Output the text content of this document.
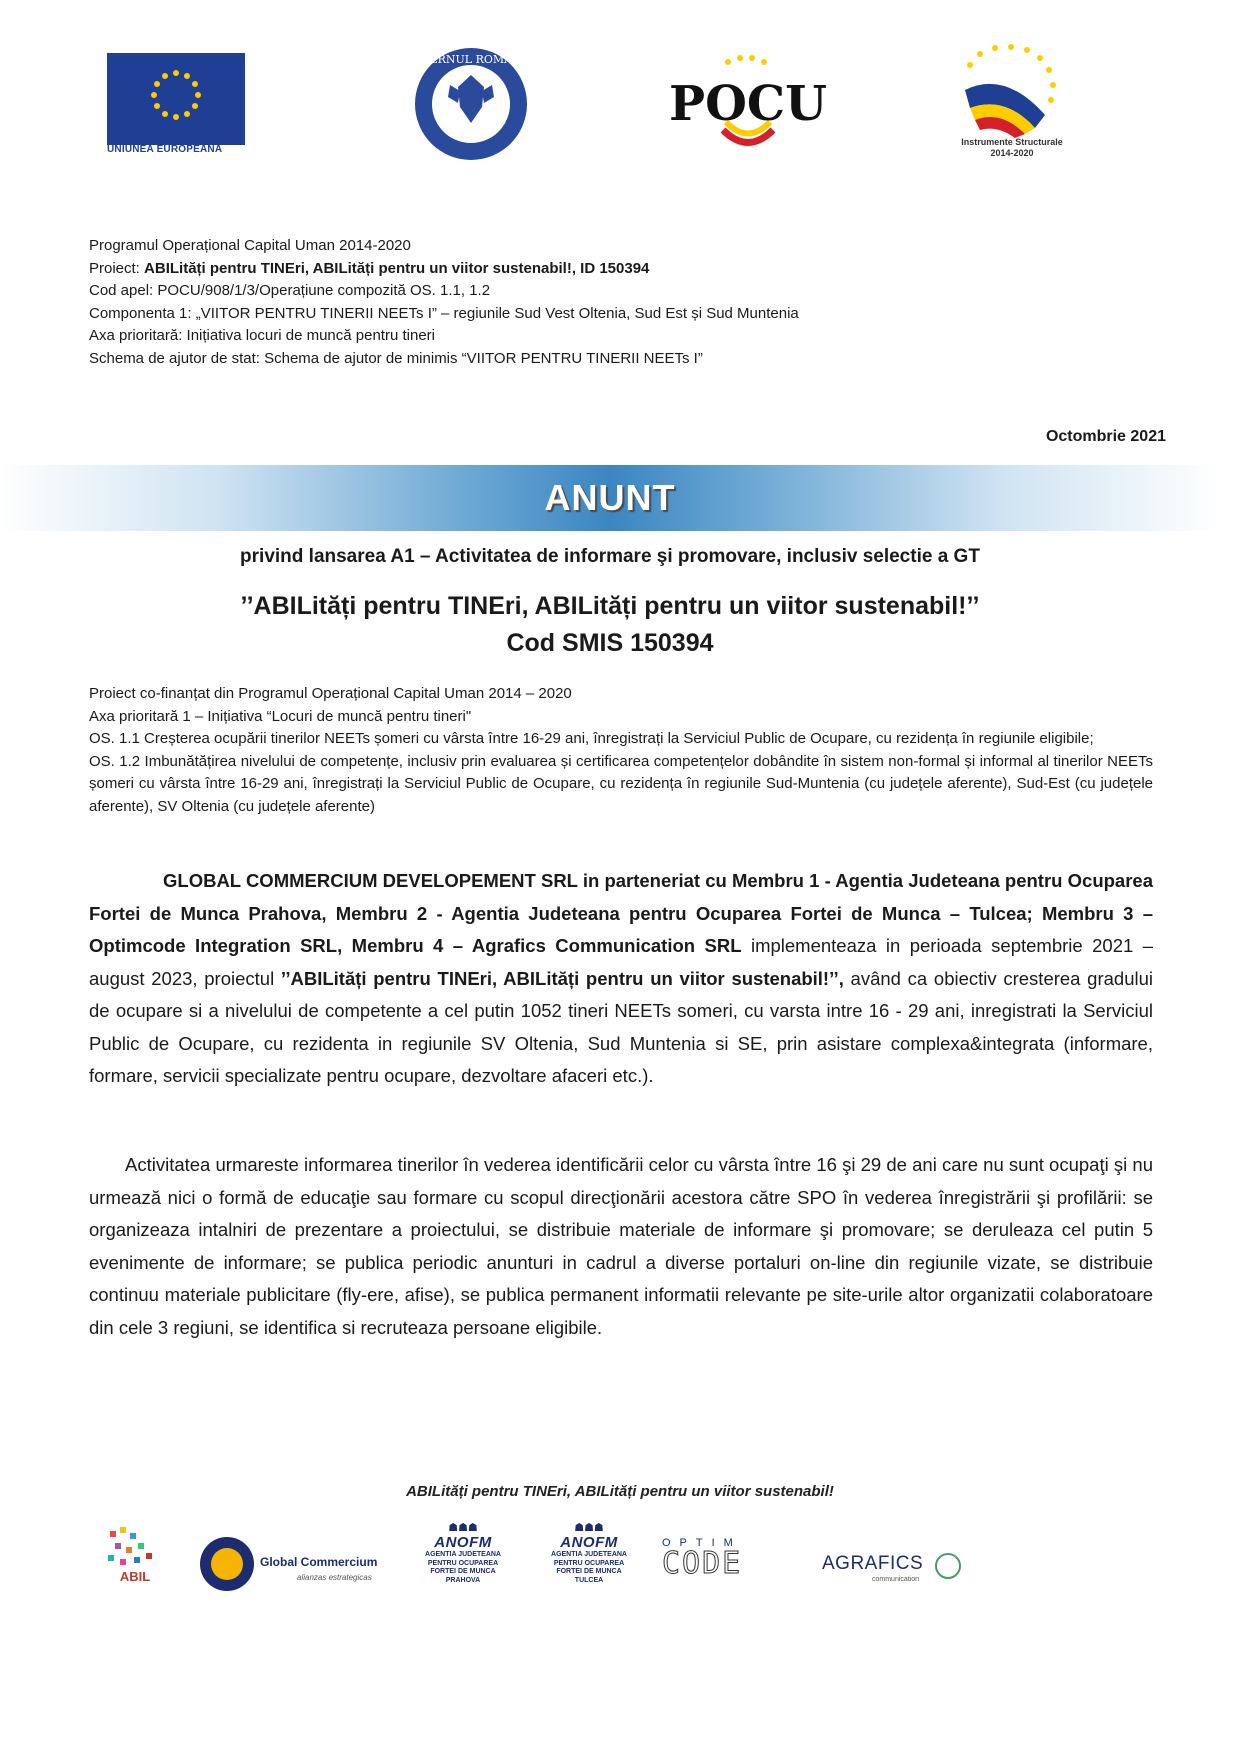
UNIUNEA EUROPEANĂ
GUVERNUL ROMÂNIEI
POCU
Instrumente Structurale
2014-2020
Programul Operațional Capital Uman 2014-2020
Proiect: ABILități pentru TINEri, ABILități pentru un viitor sustenabil!, ID 150394
Cod apel: POCU/908/1/3/Operațiune compozită OS. 1.1, 1.2
Componenta 1: „VIITOR PENTRU TINERII NEETs I” – regiunile Sud Vest Oltenia, Sud Est și Sud Muntenia
Axa prioritară: Inițiativa locuri de muncă pentru tineri
Schema de ajutor de stat: Schema de ajutor de minimis “VIITOR PENTRU TINERII NEETs I”
Octombrie 2021
ANUNT
privind lansarea A1 – Activitatea de informare şi promovare, inclusiv selectie a GT
’’ABILități pentru TINEri, ABILități pentru un viitor sustenabil!’’
Cod SMIS 150394

Proiect co-finanțat din Programul Operațional Capital Uman 2014 – 2020

Axa prioritară 1 – Inițiativa “Locuri de muncă pentru tineri"

OS. 1.1 Creșterea ocupării tinerilor NEETs șomeri cu vârsta între 16-29 ani, înregistrați la Serviciul Public de Ocupare, cu rezidența în regiunile eligibile;

OS. 1.2 Imbunătățirea nivelului de competențe, inclusiv prin evaluarea și certificarea competențelor dobândite în sistem non-formal și informal al tinerilor NEETs șomeri cu vârsta între 16-29 ani, înregistrați la Serviciul Public de Ocupare, cu rezidența în regiunile Sud-Muntenia (cu județele aferente), Sud-Est (cu județele aferente), SV Oltenia (cu județele aferente)

GLOBAL COMMERCIUM DEVELOPEMENT SRL in parteneriat cu Membru 1 - Agentia Judeteana pentru Ocuparea Fortei de Munca Prahova, Membru 2 - Agentia Judeteana pentru Ocuparea Fortei de Munca – Tulcea; Membru 3 – Optimcode Integration SRL, Membru 4 – Agrafics Communication SRL implementeaza in perioada septembrie 2021 – august 2023, proiectul ’’ABILități pentru TINEri, ABILități pentru un viitor sustenabil!’’, având ca obiectiv cresterea gradului de ocupare si a nivelului de competente a cel putin 1052 tineri NEETs someri, cu varsta intre 16 - 29 ani, inregistrati la Serviciul Public de Ocupare, cu rezidenta in regiunile SV Oltenia, Sud Muntenia si SE, prin asistare complexa&integrata (informare, formare, servicii specializate pentru ocupare, dezvoltare afaceri etc.).

Activitatea urmareste informarea tinerilor în vederea identificării celor cu vârsta între 16 şi 29 de ani care nu sunt ocupaţi şi nu urmează nici o formă de educaţie sau formare cu scopul direcţionării acestora către SPO în vederea înregistrării şi profilării: se organizeaza intalniri de prezentare a proiectului, se distribuie materiale de informare şi promovare; se deruleaza cel putin 5 evenimente de informare; se publica periodic anunturi in cadrul a diverse portaluri on-line din regiunile vizate, se distribuie continuu materiale publicitare (fly-ere, afise), se publica permanent informatii relevante pe site-urile altor organizatii colaboratoare din cele 3 regiuni, se identifica si recruteaza persoane eligibile.

ABILități pentru TINEri, ABILități pentru un viitor sustenabil!
ABIL
Global Commercium
alianzas estrategicas
☗☗☗
ANOFM
AGENTIA JUDETEANA PENTRU OCUPAREA FORTEI DE MUNCA PRAHOVA
☗☗☗
ANOFM
AGENTIA JUDETEANA PENTRU OCUPAREA FORTEI DE MUNCA TULCEA
OPTIM
CODE	AGRAFICS
communication
